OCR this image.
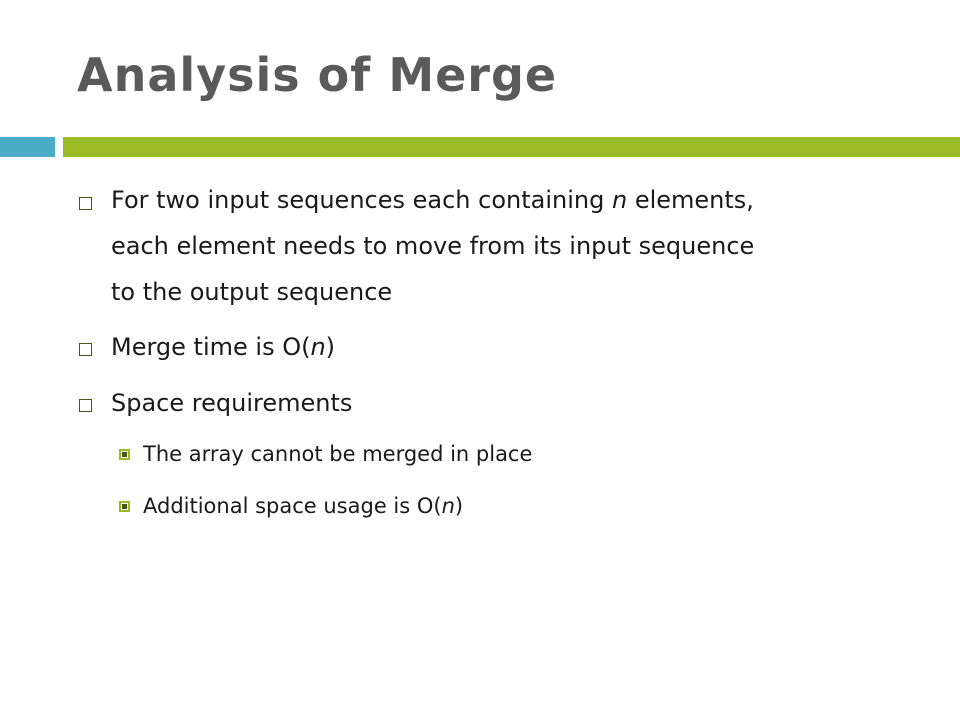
Analysis of Merge
For two input sequences each containing n elements,
each element needs to move from its input sequence
to the output sequence
Merge time is O(n)
Space requirements
The array cannot be merged in place
Additional space usage is O(n)
